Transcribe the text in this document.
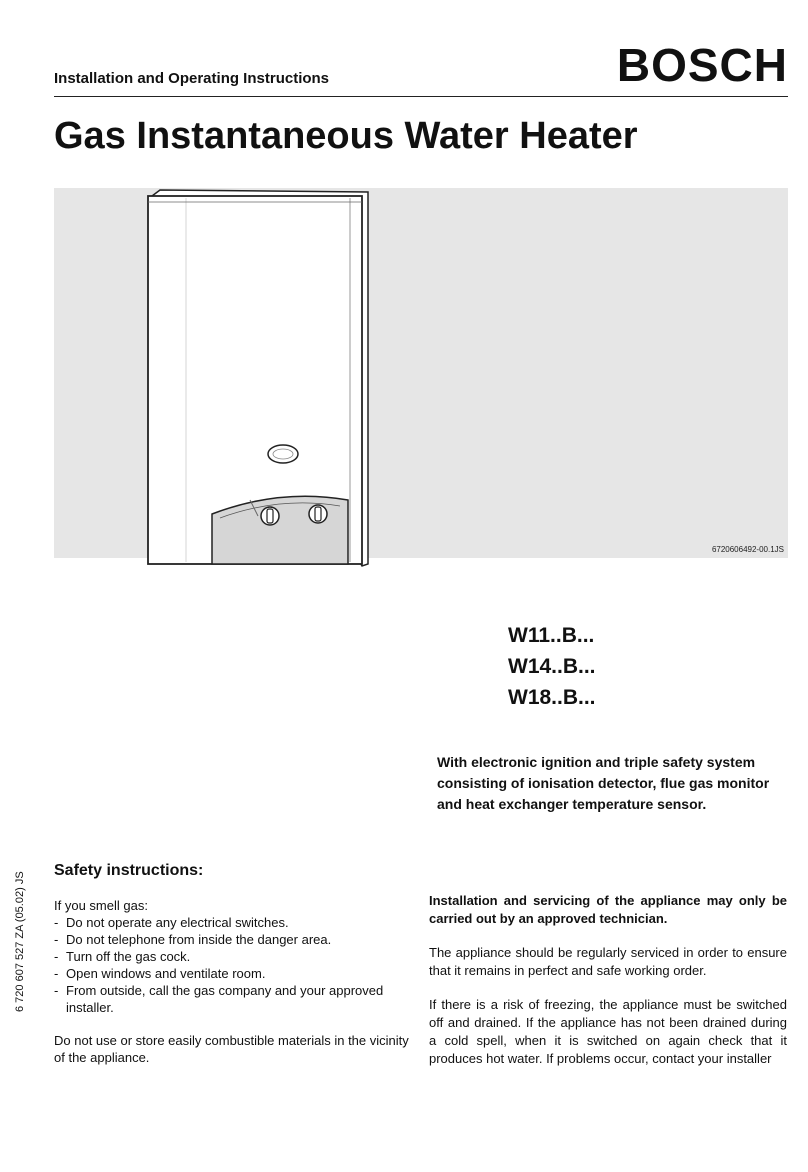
Installation and Operating Instructions	BOSCH
Gas Instantaneous Water Heater
6720606492-00.1JS
W11..B...
W14..B...
W18..B...
With electronic ignition and triple safety system consisting of ionisation detector, flue gas monitor and heat exchanger temperature sensor.
6 720 607 527 ZA (05.02) JS
Safety instructions:
If you smell gas:
- Do not operate any electrical switches.
- Do not telephone from inside the danger area.
- Turn off the gas cock.
- Open windows and ventilate room.
- From outside, call the gas company and your approved installer.
Do not use or store easily combustible materials in the vicinity of the appliance.

Installation and servicing of the appliance may only be carried out by an approved technician.

The appliance should be regularly serviced in order to ensure that it remains in perfect and safe working order.

If there is a risk of freezing, the appliance must be switched off and drained. If the appliance has not been drained during a cold spell, when it is switched on again check that it produces hot water. If problems occur, contact your installer
